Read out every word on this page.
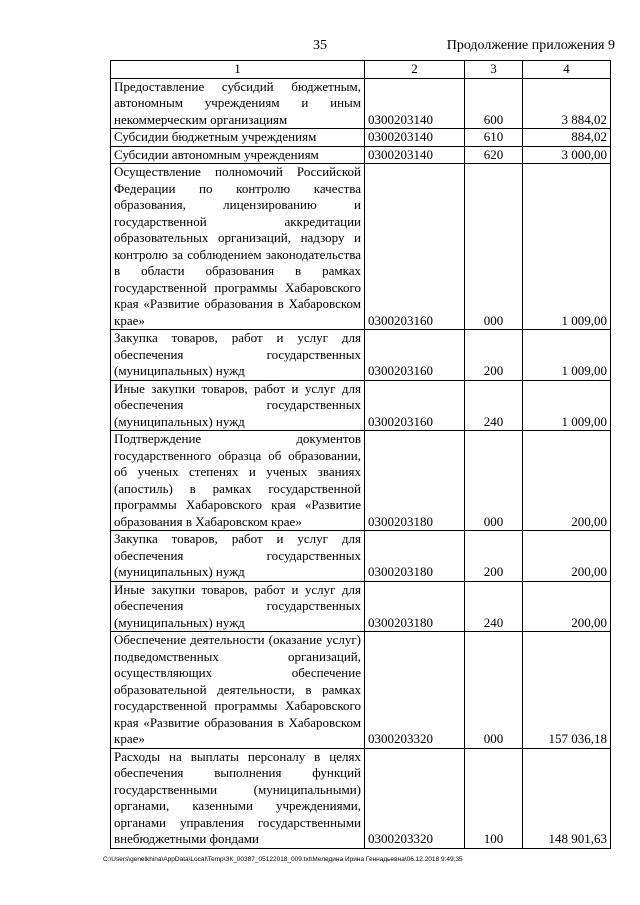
35	Продолжение приложения 9
1	2	3	4
Предоставление субсидий бюджетным, автономным учреждениям и иным некоммерческим организациям	0300203140	600	3 884,02
Субсидии бюджетным учреждениям	0300203140	610	884,02
Субсидии автономным учреждениям	0300203140	620	3 000,00
Осуществление полномочий Российской Федерации по контролю качества образования, лицензированию и государственной аккредитации образовательных организаций, надзору и контролю за соблюдением законодательства в области образования в рамках государственной программы Хабаровского края «Развитие образования в Хабаровском крае»	0300203160	000	1 009,00
Закупка товаров, работ и услуг для обеспечения государственных (муниципальных) нужд	0300203160	200	1 009,00
Иные закупки товаров, работ и услуг для обеспечения государственных (муниципальных) нужд	0300203160	240	1 009,00
Подтверждение документов государственного образца об образовании, об ученых степенях и ученых званиях (апостиль) в рамках государственной программы Хабаровского края «Развитие образования в Хабаровском крае»	0300203180	000	200,00
Закупка товаров, работ и услуг для обеспечения государственных (муниципальных) нужд	0300203180	200	200,00
Иные закупки товаров, работ и услуг для обеспечения государственных (муниципальных) нужд	0300203180	240	200,00
Обеспечение деятельности (оказание услуг) подведомственных организаций, осуществляющих обеспечение образовательной деятельности, в рамках государственной программы Хабаровского края «Развитие образования в Хабаровском крае»	0300203320	000	157 036,18
Расходы на выплаты персоналу в целях обеспечения выполнения функций государственными (муниципальными) органами, казенными учреждениями, органами управления государственными внебюджетными фондами	0300203320	100	148 901,63
C:\Users\genelkhina\AppData\Local\Temp\ЗК_00387_05122018_009.txt\Меледина Ирина Геннадьевна\06.12.2018 9:49:35
